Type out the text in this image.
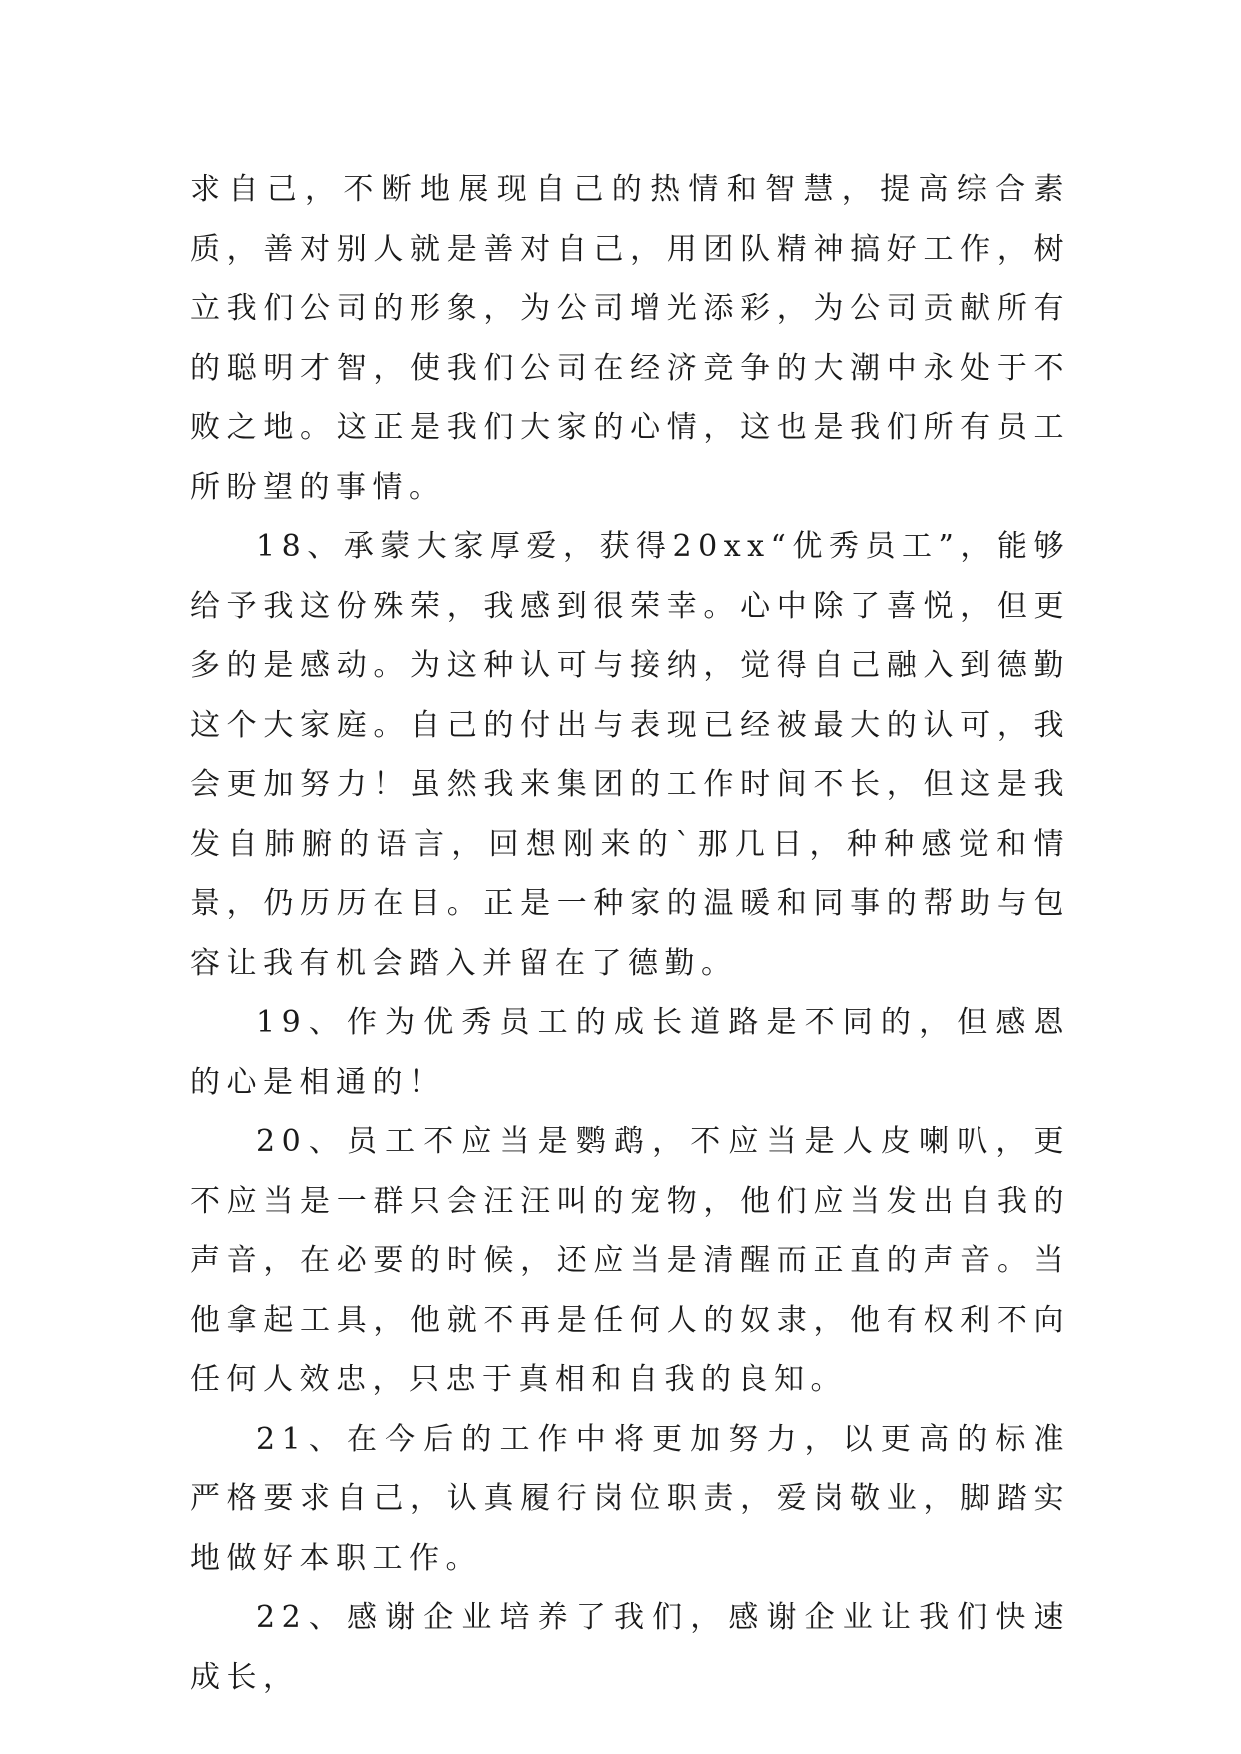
求自己，不断地展现自己的热情和智慧，提高综合素质，善对别人就是善对自己，用团队精神搞好工作，树立我们公司的形象，为公司增光添彩，为公司贡献所有的聪明才智，使我们公司在经济竞争的大潮中永处于不败之地。这正是我们大家的心情，这也是我们所有员工所盼望的事情。

18、承蒙大家厚爱，获得20xx“优秀员工”，能够给予我这份殊荣，我感到很荣幸。心中除了喜悦，但更多的是感动。为这种认可与接纳，觉得自己融入到德勤这个大家庭。自己的付出与表现已经被最大的认可，我会更加努力！虽然我来集团的工作时间不长，但这是我发自肺腑的语言，回想刚来的`那几日，种种感觉和情景，仍历历在目。正是一种家的温暖和同事的帮助与包容让我有机会踏入并留在了德勤。

19、作为优秀员工的成长道路是不同的，但感恩的心是相通的！

20、员工不应当是鹦鹉，不应当是人皮喇叭，更不应当是一群只会汪汪叫的宠物，他们应当发出自我的声音，在必要的时候，还应当是清醒而正直的声音。当他拿起工具，他就不再是任何人的奴隶，他有权利不向任何人效忠，只忠于真相和自我的良知。

21、在今后的工作中将更加努力，以更高的标准严格要求自己，认真履行岗位职责，爱岗敬业，脚踏实地做好本职工作。

22、感谢企业培养了我们，感谢企业让我们快速成长，
